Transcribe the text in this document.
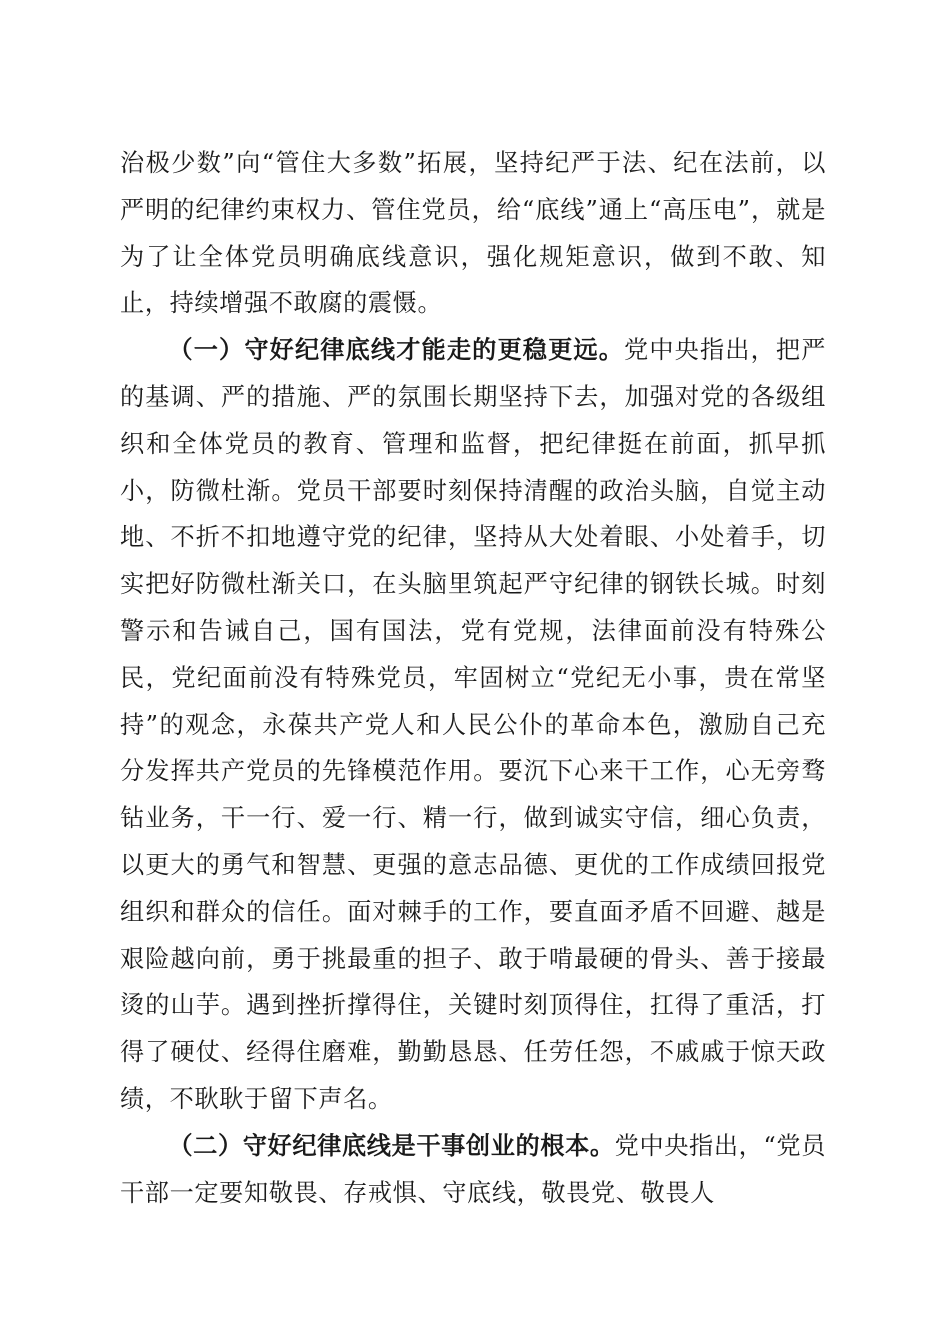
治极少数”向“管住大多数”拓展，坚持纪严于法、纪在法前，以严明的纪律约束权力、管住党员，给“底线”通上“高压电”，就是为了让全体党员明确底线意识，强化规矩意识，做到不敢、知止，持续增强不敢腐的震慑。

（一）守好纪律底线才能走的更稳更远。党中央指出，把严的基调、严的措施、严的氛围长期坚持下去，加强对党的各级组织和全体党员的教育、管理和监督，把纪律挺在前面，抓早抓小，防微杜渐。党员干部要时刻保持清醒的政治头脑，自觉主动地、不折不扣地遵守党的纪律，坚持从大处着眼、小处着手，切实把好防微杜渐关口，在头脑里筑起严守纪律的钢铁长城。时刻警示和告诫自己，国有国法，党有党规，法律面前没有特殊公民，党纪面前没有特殊党员，牢固树立“党纪无小事，贵在常坚持”的观念，永葆共产党人和人民公仆的革命本色，激励自己充分发挥共产党员的先锋模范作用。要沉下心来干工作，心无旁骛钻业务，干一行、爱一行、精一行，做到诚实守信，细心负责，以更大的勇气和智慧、更强的意志品德、更优的工作成绩回报党组织和群众的信任。面对棘手的工作，要直面矛盾不回避、越是艰险越向前，勇于挑最重的担子、敢于啃最硬的骨头、善于接最烫的山芋。遇到挫折撑得住，关键时刻顶得住，扛得了重活，打得了硬仗、经得住磨难，勤勤恳恳、任劳任怨，不戚戚于惊天政绩，不耿耿于留下声名。

（二）守好纪律底线是干事创业的根本。党中央指出，“党员干部一定要知敬畏、存戒惧、守底线，敬畏党、敬畏人
